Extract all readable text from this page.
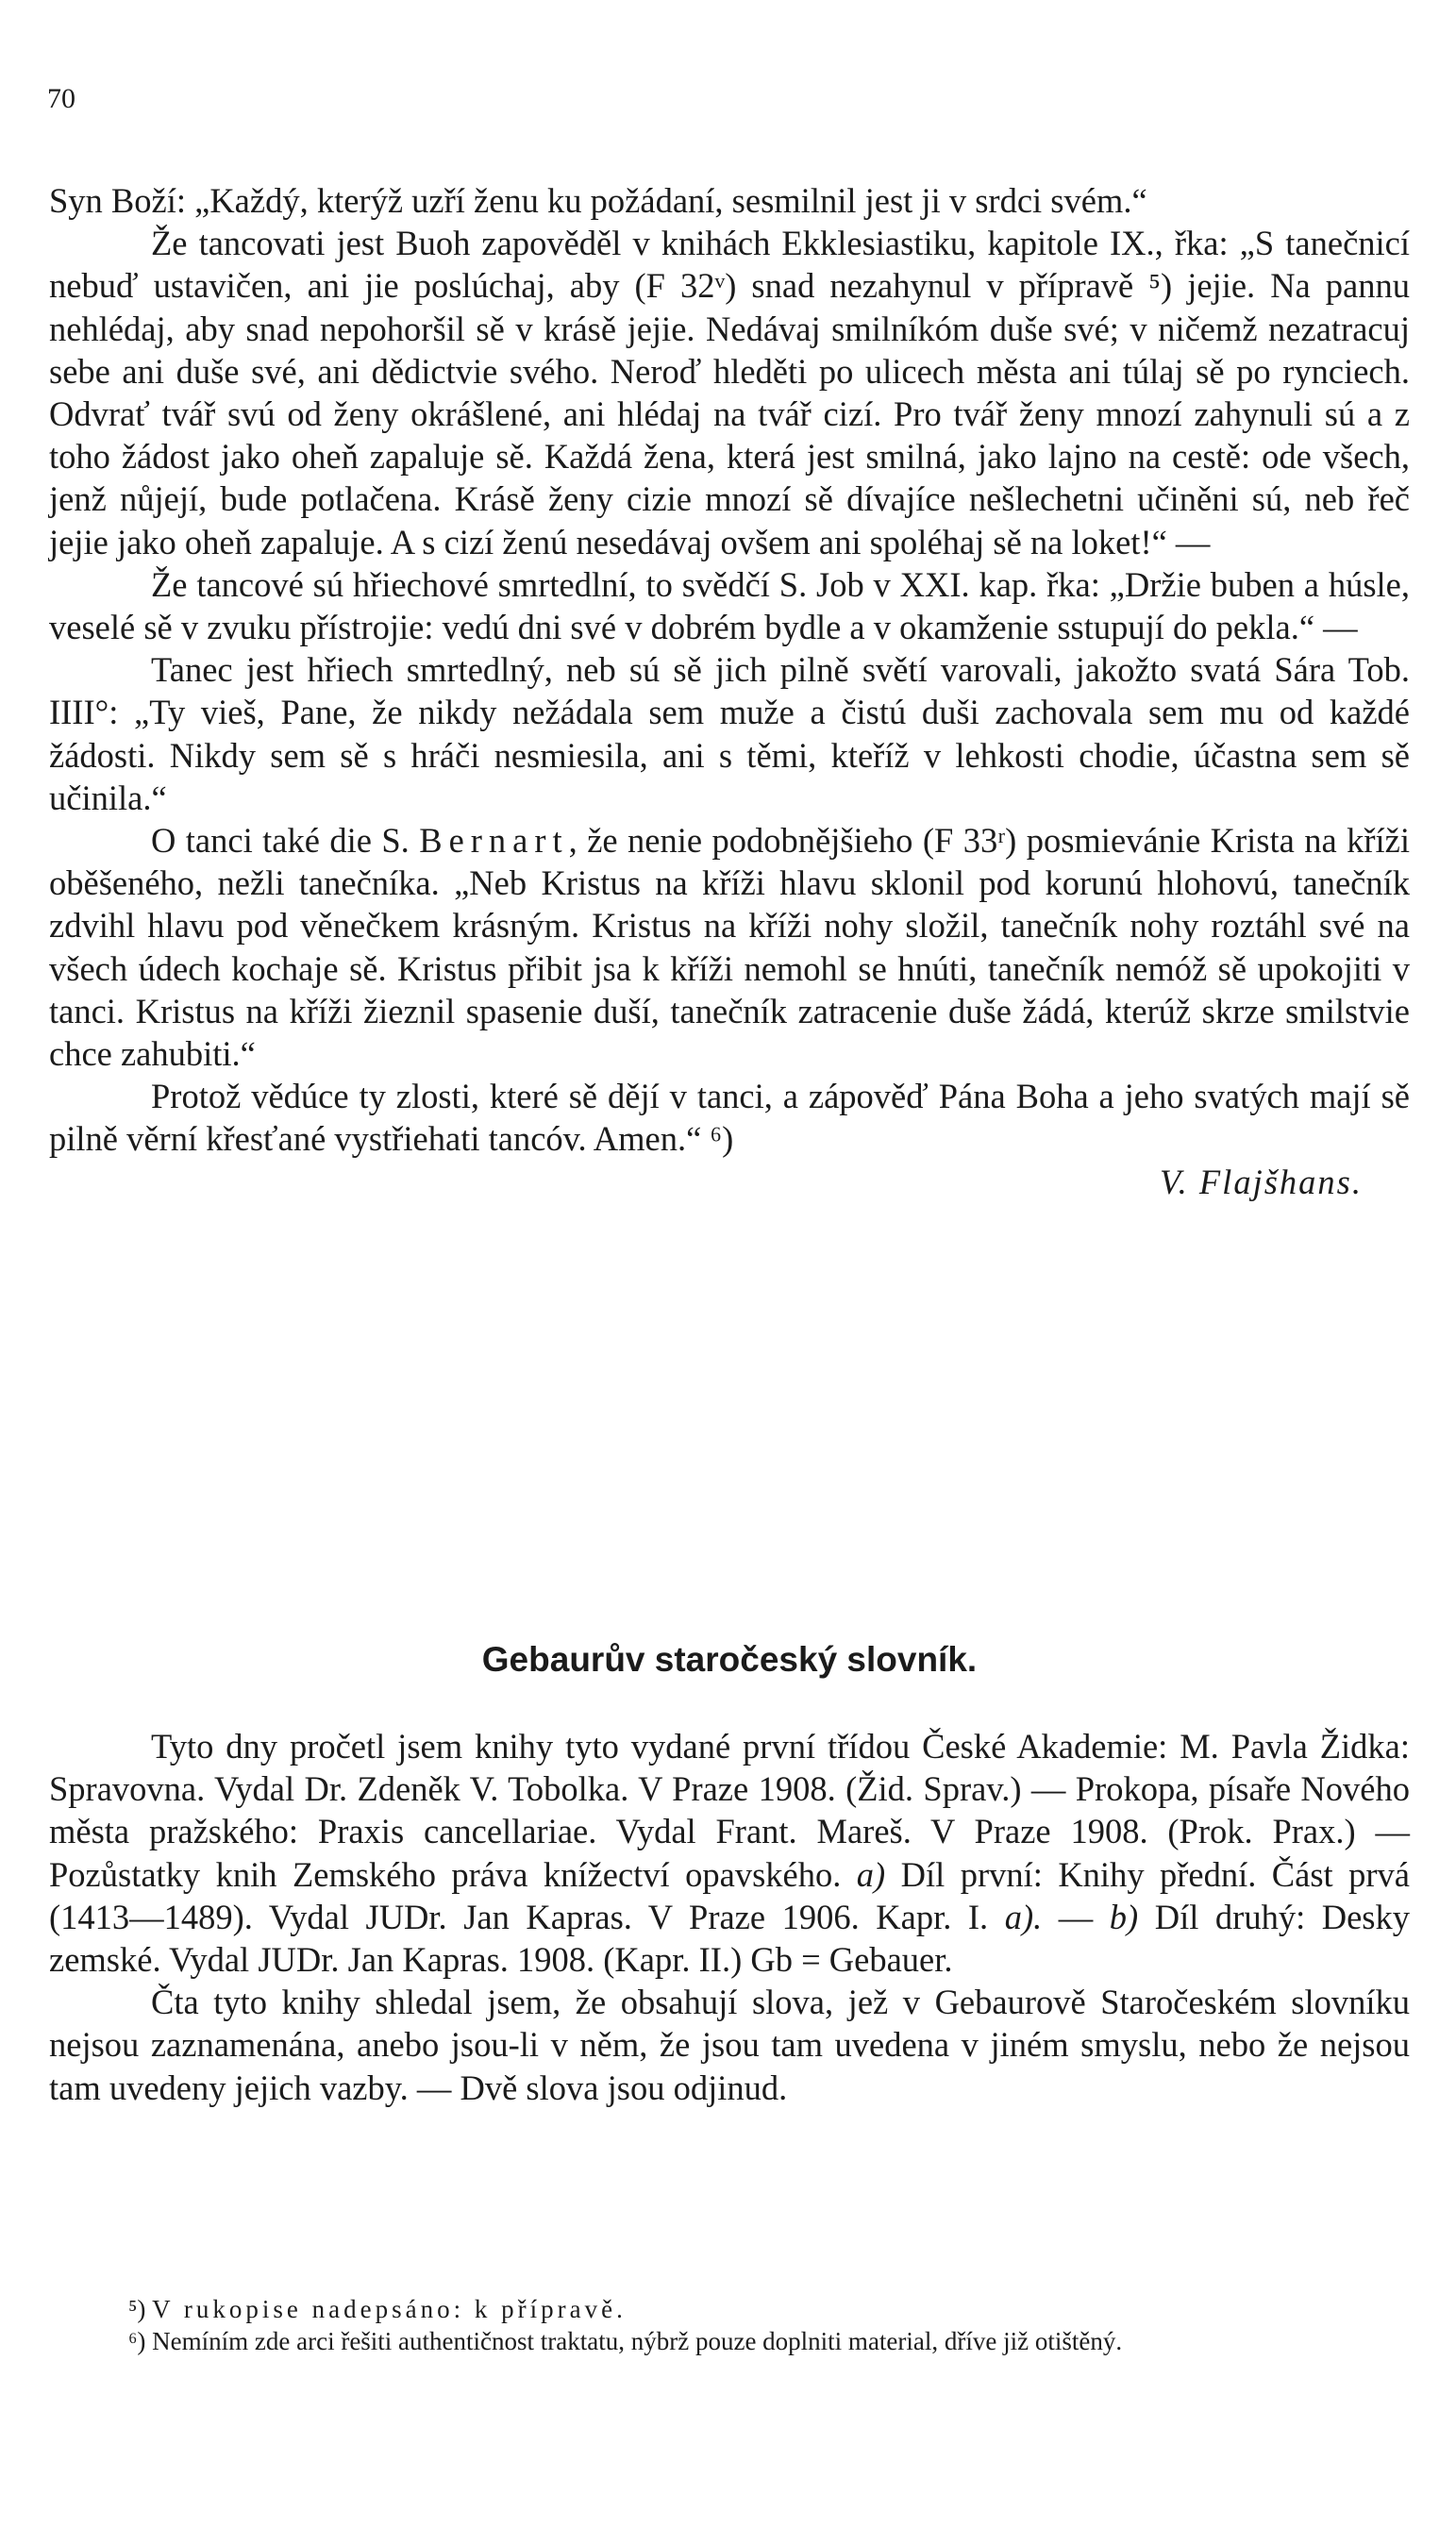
70

Syn Boží: „Každý, kterýž uzří ženu ku požádaní, sesmilnil jest ji v srdci svém.“

Že tancovati jest Buoh zapověděl v knihách Ekklesiastiku, kapitole IX., řka: „S tanečnicí nebuď ustavičen, ani jie poslúchaj, aby (F 32ᵛ) snad nezahynul v přípravě ⁵) jejie. Na pannu nehlédaj, aby snad nepohoršil sě v krásě jejie. Nedávaj smilníkóm duše své; v ničemž nezatracuj sebe ani duše své, ani dědictvie svého. Neroď hleděti po ulicech města ani túlaj sě po rynciech. Odvrať tvář svú od ženy okrášlené, ani hlédaj na tvář cizí. Pro tvář ženy mnozí zahynuli sú a z toho žádost jako oheň zapaluje sě. Každá žena, která jest smilná, jako lajno na cestě: ode všech, jenž nůjejí, bude potlačena. Krásě ženy cizie mnozí sě dívajíce nešlechetni učiněni sú, neb řeč jejie jako oheň zapaluje. A s cizí ženú nesedávaj ovšem ani spoléhaj sě na loket!“ —

Že tancové sú hřiechové smrtedlní, to svědčí S. Job v XXI. kap. řka: „Držie buben a húsle, veselé sě v zvuku přístrojie: vedú dni své v dobrém bydle a v okamženie sstupují do pekla.“ —

Tanec jest hřiech smrtedlný, neb sú sě jich pilně světí varovali, jakožto svatá Sára Tob. IIII°: „Ty vieš, Pane, že nikdy nežádala sem muže a čistú duši zachovala sem mu od každé žádosti. Nikdy sem sě s hráči nesmiesila, ani s těmi, kteříž v lehkosti chodie, účastna sem sě učinila.“

O tanci také die S. Bernart, že nenie podobnějšieho (F 33ʳ) posmievánie Krista na kříži oběšeného, nežli tanečníka. „Neb Kristus na kříži hlavu sklonil pod korunú hlohovú, tanečník zdvihl hlavu pod věnečkem krásným. Kristus na kříži nohy složil, tanečník nohy roztáhl své na všech údech kochaje sě. Kristus přibit jsa k kříži nemohl se hnúti, tanečník nemóž sě upokojiti v tanci. Kristus na kříži žieznil spasenie duší, tanečník zatracenie duše žádá, kterúž skrze smilstvie chce zahubiti.“

Protož vědúce ty zlosti, které sě dějí v tanci, a zápověď Pána Boha a jeho svatých mají sě pilně věrní křesťané vystřiehati tancóv. Amen.“ ⁶)

V. Flajšhans.

Gebaurův staročeský slovník.

Tyto dny pročetl jsem knihy tyto vydané první třídou České Akademie: M. Pavla Židka: Spravovna. Vydal Dr. Zdeněk V. Tobolka. V Praze 1908. (Žid. Sprav.) — Prokopa, písaře Nového města pražského: Praxis cancellariae. Vydal Frant. Mareš. V Praze 1908. (Prok. Prax.) — Pozůstatky knih Zemského práva knížectví opavského. a) Díl první: Knihy přední. Část prvá (1413—1489). Vydal JUDr. Jan Kapras. V Praze 1906. Kapr. I. a). — b) Díl druhý: Desky zemské. Vydal JUDr. Jan Kapras. 1908. (Kapr. II.) Gb = Gebauer.

Čta tyto knihy shledal jsem, že obsahují slova, jež v Gebaurově Staročeském slovníku nejsou zaznamenána, anebo jsou-li v něm, že jsou tam uvedena v jiném smyslu, nebo že nejsou tam uvedeny jejich vazby. — Dvě slova jsou odjinud.

⁵) V rukopise nadepsáno: k přípravě.

⁶) Nemíním zde arci řešiti authentičnost traktatu, nýbrž pouze doplniti material, dříve již otištěný.
